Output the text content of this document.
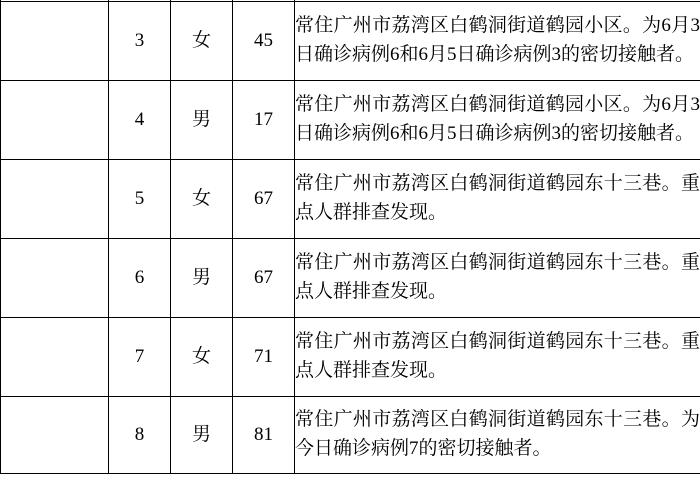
	3	女	45	常住广州市荔湾区白鹤洞街道鹤园小区。为6月3日确诊病例6和6月5日确诊病例3的密切接触者。

	4	男	17	常住广州市荔湾区白鹤洞街道鹤园小区。为6月3日确诊病例6和6月5日确诊病例3的密切接触者。

	5	女	67	常住广州市荔湾区白鹤洞街道鹤园东十三巷。重点人群排查发现。

	6	男	67	常住广州市荔湾区白鹤洞街道鹤园东十三巷。重点人群排查发现。

	7	女	71	常住广州市荔湾区白鹤洞街道鹤园东十三巷。重点人群排查发现。

	8	男	81	常住广州市荔湾区白鹤洞街道鹤园东十三巷。为今日确诊病例7的密切接触者。
